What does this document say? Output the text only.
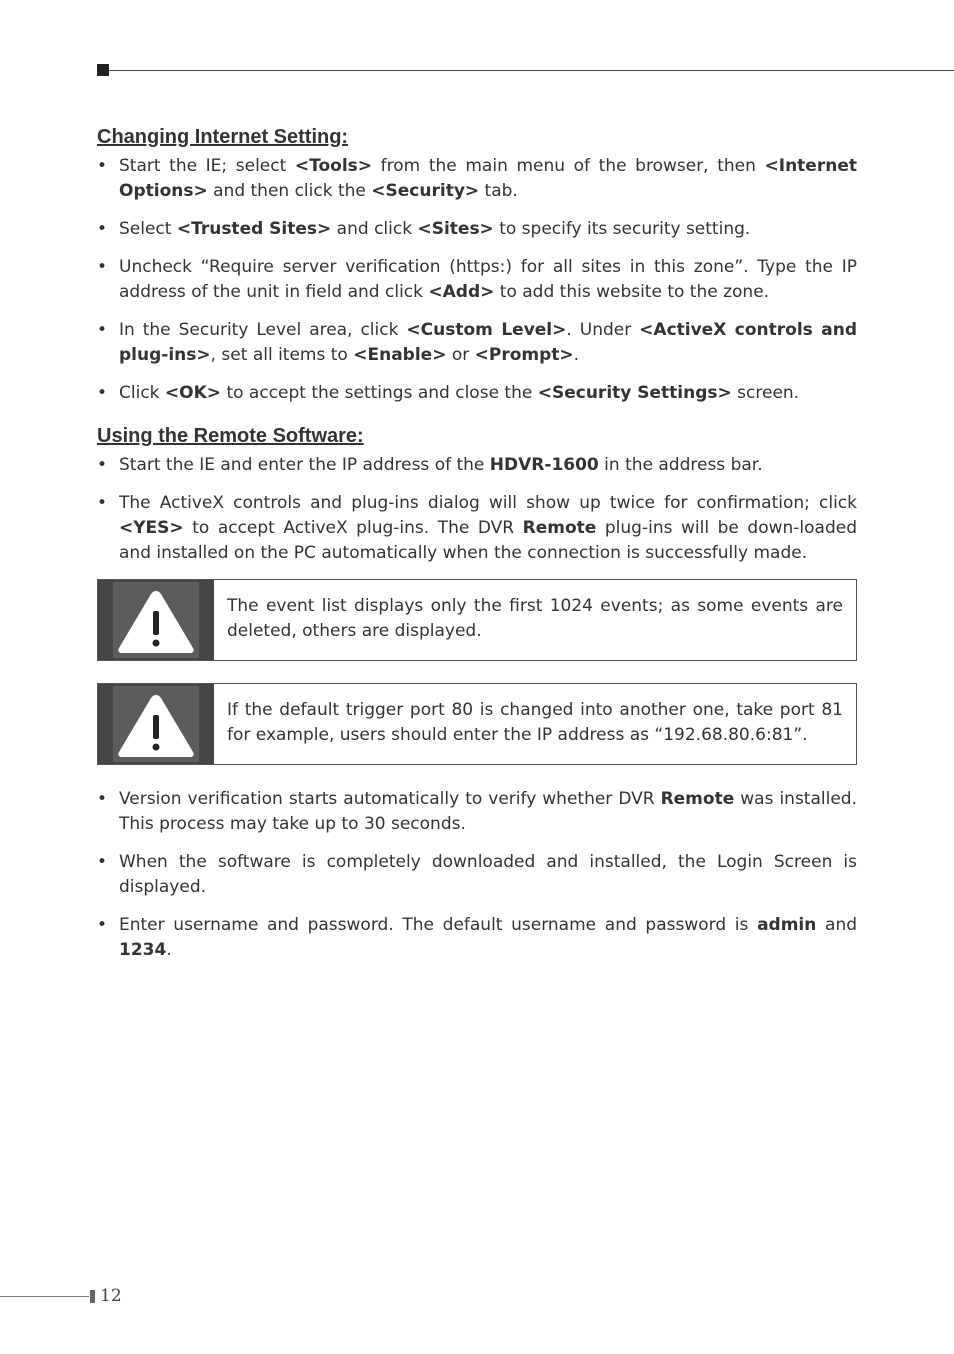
Changing Internet Setting:
• Start the IE; select <Tools> from the main menu of the browser, then <Internet Options> and then click the <Security> tab.
• Select <Trusted Sites> and click <Sites> to specify its security setting.
• Uncheck “Require server verification (https:) for all sites in this zone”. Type the IP address of the unit in field and click <Add> to add this website to the zone.
• In the Security Level area, click <Custom Level>. Under <ActiveX controls and plug-ins>, set all items to <Enable> or <Prompt>.
• Click <OK> to accept the settings and close the <Security Settings> screen.
Using the Remote Software:
• Start the IE and enter the IP address of the HDVR-1600 in the address bar.
• The ActiveX controls and plug-ins dialog will show up twice for confirmation; click <YES> to accept ActiveX plug-ins. The DVR Remote plug-ins will be down-loaded and installed on the PC automatically when the connection is successfully made.
The event list displays only the first 1024 events; as some events are deleted, others are displayed.
If the default trigger port 80 is changed into another one, take port 81 for example, users should enter the IP address as “192.68.80.6:81”.
• Version verification starts automatically to verify whether DVR Remote was installed. This process may take up to 30 seconds.
• When the software is completely downloaded and installed, the Login Screen is displayed.
• Enter username and password. The default username and password is admin and 1234.
12
